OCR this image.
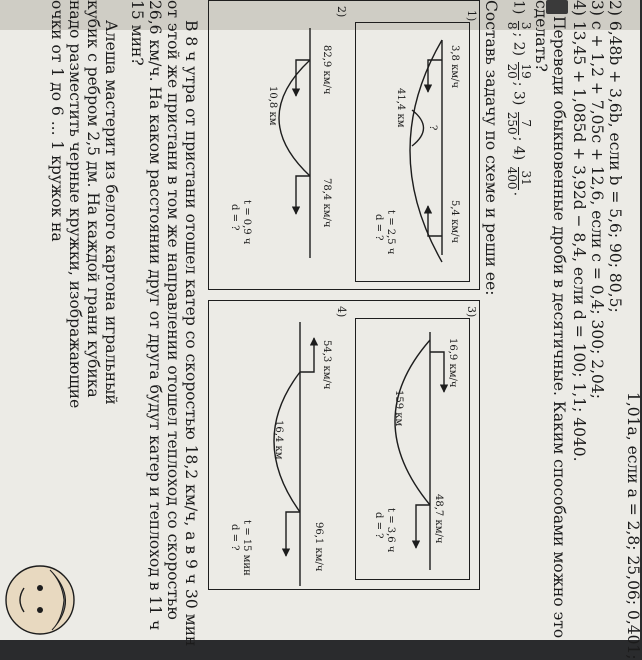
1,01a, если a = 2,8; 25,06; 0,401;
2) 6,48b + 3,6b, если b = 5,6; 90; 80,5;
3) c + 1,2 + 7,05c + 12,6, если c = 0,4; 300; 2,04;
4) 13,45 + 1,085d + 3,92d − 8,4, если d = 100; 1,1; 4040.
Переведи обыкновенные дроби в десятичные. Каким способами можно это
сделать?
1)
3
8
; 2)
19
20
; 3)
7
250
; 4)
31
400
.
Составь задачу по схеме и реши ее:
1)
3,8 км/ч
5,4 км/ч
?
41,4 км
t = 2,5 ч
d = ?
2)
82,9 км/ч
78,4 км/ч
10,8 км
t = 0,9 ч
d = ?
3)
16,9 км/ч
48,7 км/ч
159 км
t = 3,6 ч
d = ?
4)
54,3 км/ч
96,1 км/ч
16,4 км
t = 15 мин
d = ?
В 8 ч утра от пристани отошел катер со скоростью 18,2 км/ч, а в 9 ч 30 мин
от этой же пристани в том же направлении отошел теплоход со скоростью
26,6 км/ч. На каком расстоянии друг от друга будут катер и теплоход в 11 ч
15 мин?
Алеша мастерит из белого картона игральный
кубик с ребром 2,5 дм. На каждой грани кубика
надо разместить черные кружки, изображающие
очки от 1 до 6 ... 1 кружок на
